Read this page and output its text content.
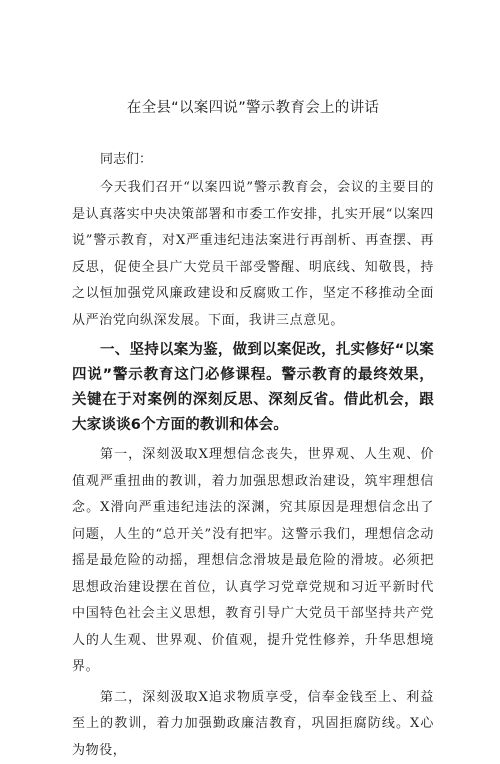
在全县“以案四说”警示教育会上的讲话

同志们：

今天我们召开“以案四说”警示教育会，会议的主要目的是认真落实中央决策部署和市委工作安排，扎实开展“以案四说”警示教育，对X严重违纪违法案进行再剖析、再查摆、再反思，促使全县广大党员干部受警醒、明底线、知敬畏，持之以恒加强党风廉政建设和反腐败工作，坚定不移推动全面从严治党向纵深发展。下面，我讲三点意见。

一、坚持以案为鉴，做到以案促改，扎实修好“以案四说”警示教育这门必修课程。警示教育的最终效果，关键在于对案例的深刻反思、深刻反省。借此机会，跟大家谈谈6个方面的教训和体会。

第一，深刻汲取X理想信念丧失，世界观、人生观、价值观严重扭曲的教训，着力加强思想政治建设，筑牢理想信念。X滑向严重违纪违法的深渊，究其原因是理想信念出了问题，人生的“总开关”没有把牢。这警示我们，理想信念动摇是最危险的动摇，理想信念滑坡是最危险的滑坡。必须把思想政治建设摆在首位，认真学习党章党规和习近平新时代中国特色社会主义思想，教育引导广大党员干部坚持共产党人的人生观、世界观、价值观，提升党性修养，升华思想境界。

第二，深刻汲取X追求物质享受，信奉金钱至上、利益至上的教训，着力加强勤政廉洁教育，巩固拒腐防线。X心为物役，
